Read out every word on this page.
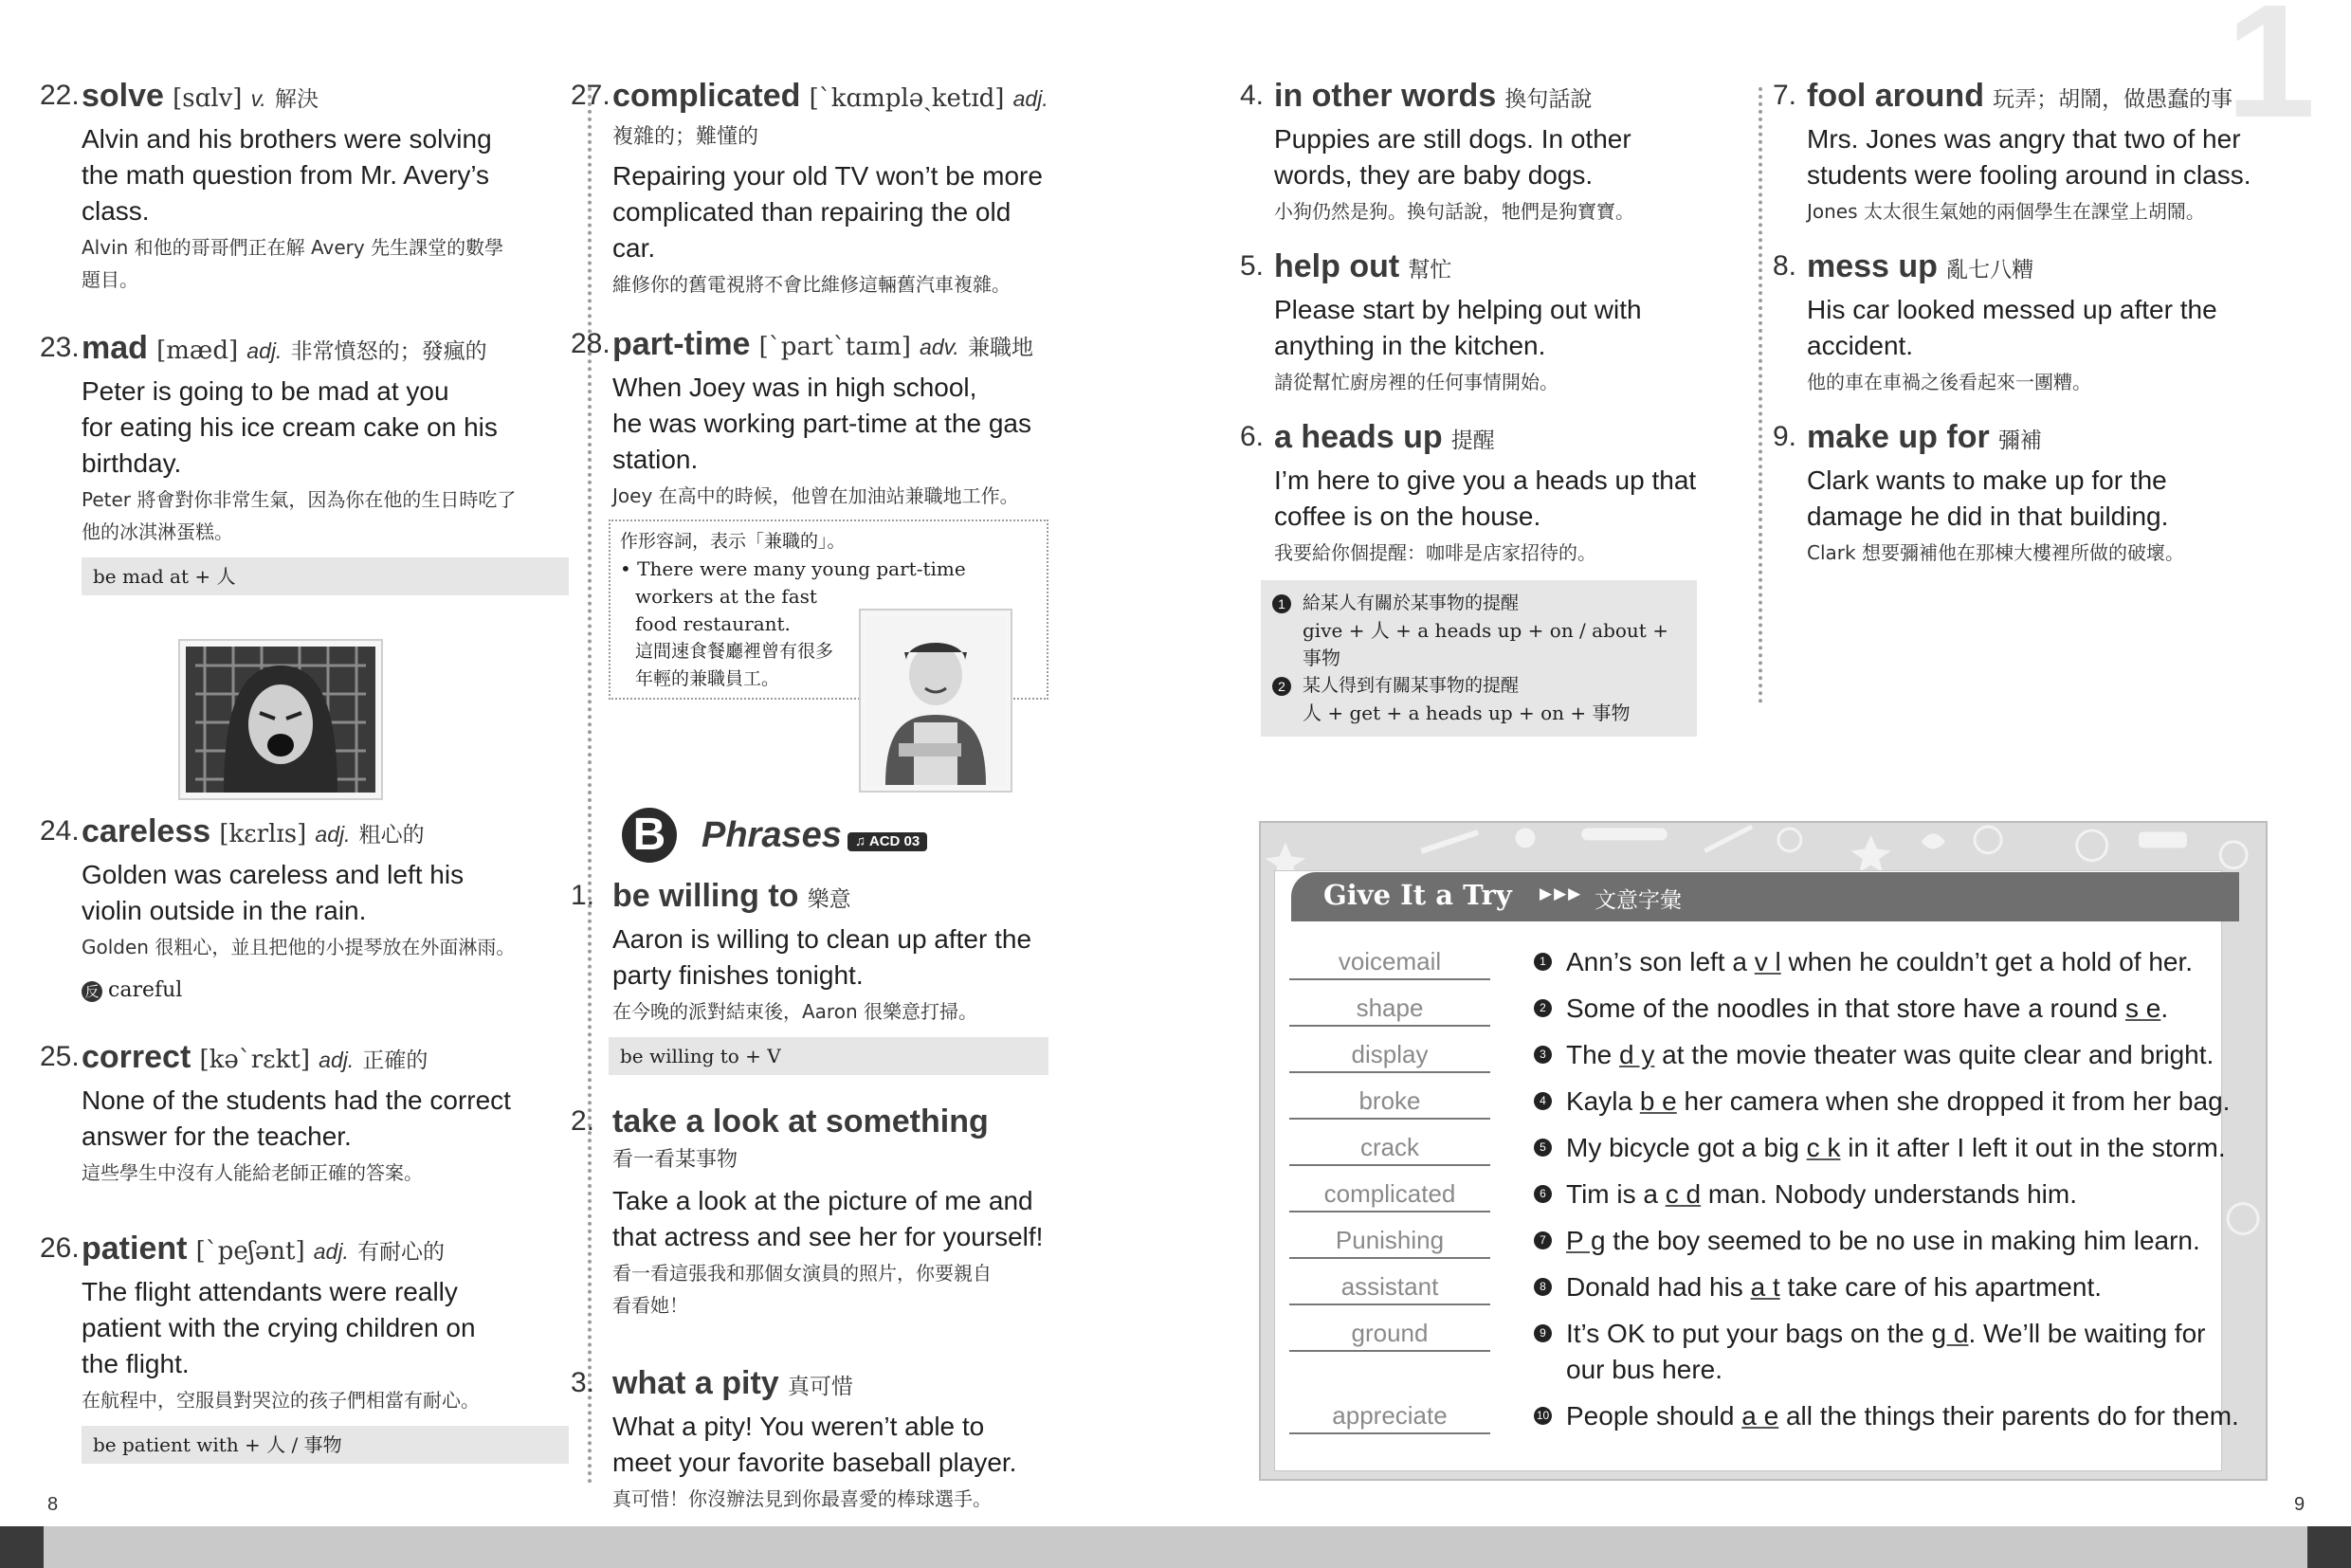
1
22. solve [sɑlv] v. 解決
Alvin and his brothers were solving
the math question from Mr. Avery’s
class.
Alvin 和他的哥哥們正在解 Avery 先生課堂的數學
題目。
23. mad [mæd] adj. 非常憤怒的；發瘋的
Peter is going to be mad at you
for eating his ice cream cake on his
birthday.
Peter 將會對你非常生氣，因為你在他的生日時吃了
他的冰淇淋蛋糕。
be mad at + 人
24. careless [kɛrlɪs] adj. 粗心的
Golden was careless and left his
violin outside in the rain.
Golden 很粗心，並且把他的小提琴放在外面淋雨。
反 careful
25. correct [kəˋrɛkt] adj. 正確的
None of the students had the correct
answer for the teacher.
這些學生中沒有人能給老師正確的答案。
26. patient [ˋpeʃənt] adj. 有耐心的
The flight attendants were really
patient with the crying children on
the flight.
在航程中，空服員對哭泣的孩子們相當有耐心。
be patient with + 人 / 事物
27. complicated [ˋkɑmpləˏketɪd] adj.
複雜的；難懂的
Repairing your old TV won’t be more
complicated than repairing the old
car.
維修你的舊電視將不會比維修這輛舊汽車複雜。
28. part-time [ˋpartˋtaɪm] adv. 兼職地
When Joey was in high school,
he was working part-time at the gas
station.
Joey 在高中的時候，他曾在加油站兼職地工作。
作形容詞，表示「兼職的」。
• There were many young part-time
workers at the fast
food restaurant.
這間速食餐廳裡曾有很多
年輕的兼職員工。
B Phrases ♫ ACD 03
1. be willing to 樂意
Aaron is willing to clean up after the
party finishes tonight.
在今晚的派對結束後，Aaron 很樂意打掃。
be willing to + V
2. take a look at something
看一看某事物
Take a look at the picture of me and
that actress and see her for yourself!
看一看這張我和那個女演員的照片，你要親自
看看她！
3. what a pity 真可惜
What a pity! You weren’t able to
meet your favorite baseball player.
真可惜！你沒辦法見到你最喜愛的棒球選手。
4. in other words 換句話說
Puppies are still dogs. In other
words, they are baby dogs.
小狗仍然是狗。換句話說，牠們是狗寶寶。
5. help out 幫忙
Please start by helping out with
anything in the kitchen.
請從幫忙廚房裡的任何事情開始。
6. a heads up 提醒
I’m here to give you a heads up that
coffee is on the house.
我要給你個提醒：咖啡是店家招待的。
1 給某人有關於某事物的提醒
give + 人 + a heads up + on / about + 事物
2 某人得到有關某事物的提醒
人 + get + a heads up + on + 事物
7. fool around 玩弄；胡鬧，做愚蠢的事
Mrs. Jones was angry that two of her
students were fooling around in class.
Jones 太太很生氣她的兩個學生在課堂上胡鬧。
8. mess up 亂七八糟
His car looked messed up after the
accident.
他的車在車禍之後看起來一團糟。
9. make up for 彌補
Clark wants to make up for the
damage he did in that building.
Clark 想要彌補他在那棟大樓裡所做的破壞。
Give It a Try ▶▶▶ 文意字彙
voicemail	1 Ann’s son left a v l when he couldn’t get a hold of her.
shape	2 Some of the noodles in that store have a round s e.
display	3 The d y at the movie theater was quite clear and bright.
broke	4 Kayla b e her camera when she dropped it from her bag.
crack	5 My bicycle got a big c k in it after I left it out in the storm.
complicated	6 Tim is a c d man. Nobody understands him.
Punishing	7 P g the boy seemed to be no use in making him learn.
assistant	8 Donald had his a t take care of his apartment.
ground	9 It’s OK to put your bags on the g d. We’ll be waiting for
our bus here.
appreciate	10 People should a e all the things their parents do for them.
8	9
